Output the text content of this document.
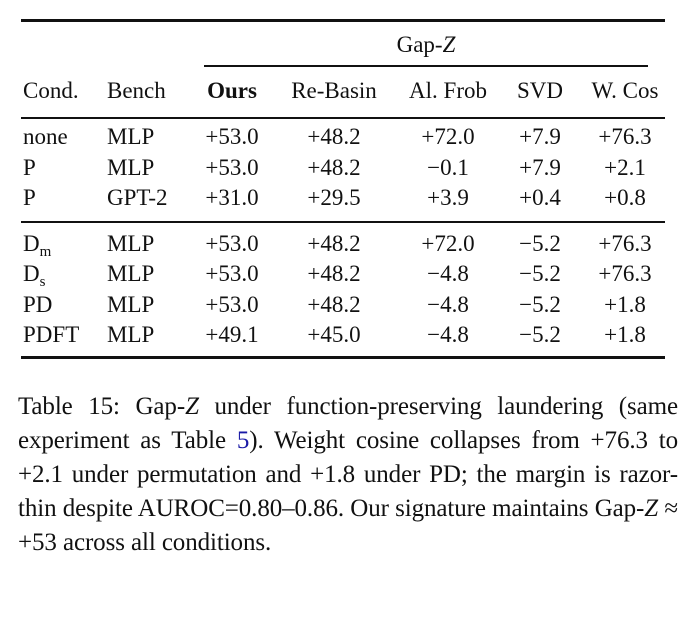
Gap-Z
Cond. Bench Ours Re-Basin Al. Frob SVD W. Cos
none MLP +53.0 +48.2	+72.0 +7.9 +76.3
P	MLP +53.0 +48.2	−0.1 +7.9 +2.1
P	GPT-2 +31.0 +29.5	+3.9 +0.4 +0.8
$D_m$ MLP +53.0 +48.2	+72.0 −5.2 +76.3
$D_s$	MLP +53.0 +48.2	−4.8 −5.2 +76.3
PD MLP +53.0 +48.2	−4.8 −5.2 +1.8
PDFT MLP +49.1 +45.0	−4.8 −5.2 +1.8
Table 15: Gap-Z under function-preserving laundering (same experiment as Table 5). Weight cosine collapses from +76.3 to +2.1 under permutation and +1.8 under PD; the margin is razor-thin despite AUROC=0.80–0.86. Our signature maintains Gap-Z ≈ +53 across all conditions.
